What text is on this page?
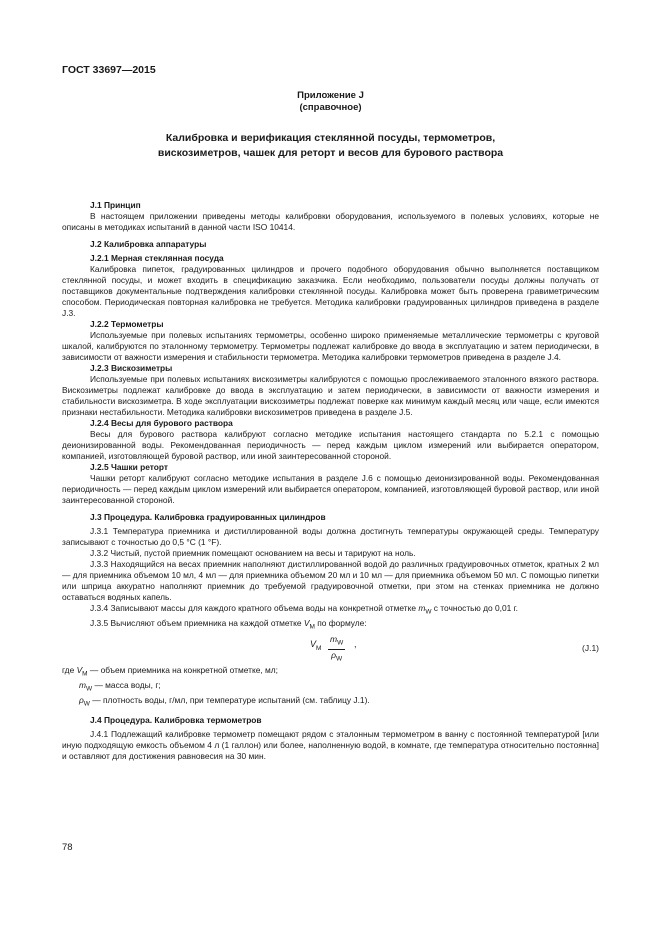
ГОСТ 33697—2015
Приложение J
(справочное)
Калибровка и верификация стеклянной посуды, термометров,
вискозиметров, чашек для реторт и весов для бурового раствора

J.1 Принцип

В настоящем приложении приведены методы калибровки оборудования, используемого в полевых условиях, которые не описаны в методиках испытаний в данной части ISO 10414.

J.2 Калибровка аппаратуры

J.2.1 Мерная стеклянная посуда

Калибровка пипеток, градуированных цилиндров и прочего подобного оборудования обычно выполняется поставщиком стеклянной посуды, и может входить в спецификацию заказчика. Если необходимо, пользователи посуды должны получать от поставщиков документальные подтверждения калибровки стеклянной посуды. Калибровка может быть проверена гравиметрическим способом. Периодическая повторная калибровка не требуется. Методика калибровки градуированных цилиндров приведена в разделе J.3.

J.2.2 Термометры

Используемые при полевых испытаниях термометры, особенно широко применяемые металлические термометры с круговой шкалой, калибруются по эталонному термометру. Термометры подлежат калибровке до ввода в эксплуатацию и затем периодически, в зависимости от важности измерения и стабильности термометра. Методика калибровки термометров приведена в разделе J.4.

J.2.3 Вискозиметры

Используемые при полевых испытаниях вискозиметры калибруются с помощью прослеживаемого эталонного вязкого раствора. Вискозиметры подлежат калибровке до ввода в эксплуатацию и затем периодически, в зависимости от важности измерения и стабильности вискозиметра. В ходе эксплуатации вискозиметры подлежат поверке как минимум каждый месяц или чаще, если имеются признаки нестабильности. Методика калибровки вискозиметров приведена в разделе J.5.

J.2.4 Весы для бурового раствора

Весы для бурового раствора калибруют согласно методике испытания настоящего стандарта по 5.2.1 с помощью деионизированной воды. Рекомендованная периодичность — перед каждым циклом измерений или выбирается оператором, компанией, изготовляющей буровой раствор, или иной заинтересованной стороной.

J.2.5 Чашки реторт

Чашки реторт калибруют согласно методике испытания в разделе J.6 с помощью деионизированной воды. Рекомендованная периодичность — перед каждым циклом измерений или выбирается оператором, компанией, изготовляющей буровой раствор, или иной заинтересованной стороной.

J.3 Процедура. Калибровка градуированных цилиндров

J.3.1 Температура приемника и дистиллированной воды должна достигнуть температуры окружающей среды. Температуру записывают с точностью до 0,5 °С (1 °F).

J.3.2 Чистый, пустой приемник помещают основанием на весы и тарируют на ноль.

J.3.3 Находящийся на весах приемник наполняют дистиллированной водой до различных градуировочных отметок, кратных 2 мл — для приемника объемом 10 мл, 4 мл — для приемника объемом 20 мл и 10 мл — для приемника объемом 50 мл. С помощью пипетки или шприца аккуратно наполняют приемник до требуемой градуировочной отметки, при этом на стенках приемника не должно оставаться водяных капель.

J.3.4 Записывают массы для каждого кратного объема воды на конкретной отметке $m_W$ с точностью до 0,01 г.

J.3.5 Вычисляют объем приемника на каждой отметке $V_M$ по формуле:

$V_M \frac{m_W}{\rho_W}$ ,	(J.1)

где $V_M$ — объем приемника на конкретной отметке, мл;

$m_W$ — масса воды, г;

$\rho_W$ — плотность воды, г/мл, при температуре испытаний (см. таблицу J.1).

J.4 Процедура. Калибровка термометров

J.4.1 Подлежащий калибровке термометр помещают рядом с эталонным термометром в ванну с постоянной температурой [или иную подходящую емкость объемом 4 л (1 галлон) или более, наполненную водой, в комнате, где температура относительно постоянна] и оставляют для достижения равновесия на 30 мин.

78
